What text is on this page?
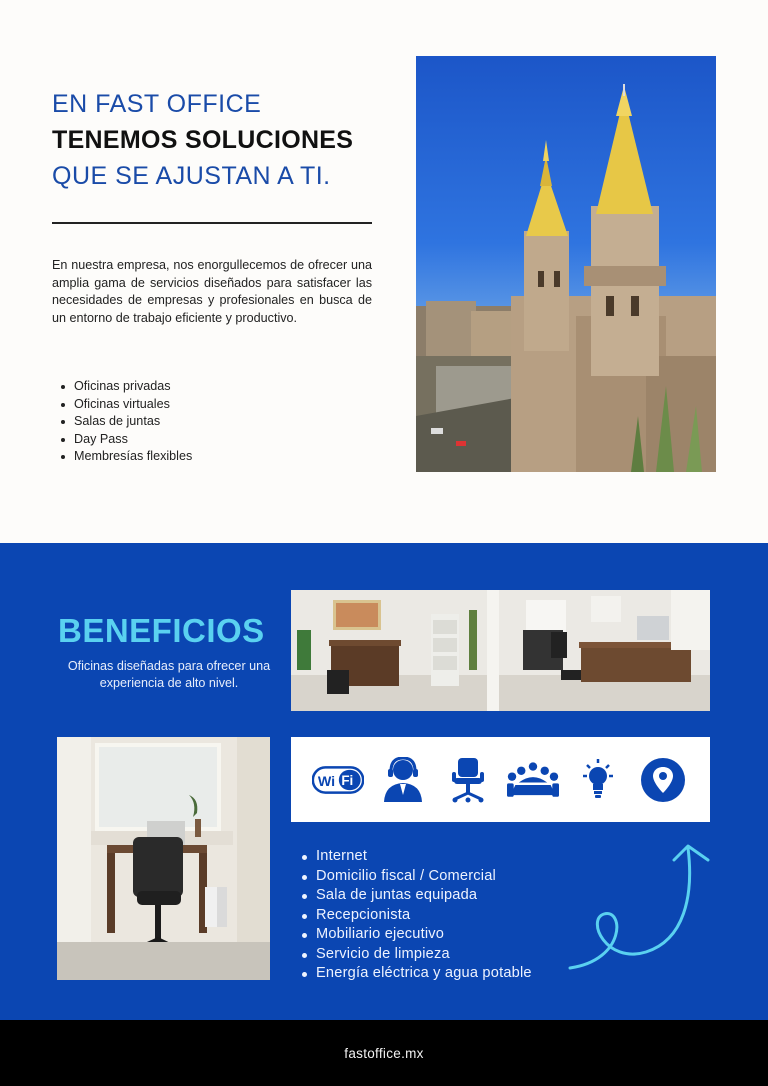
EN FAST OFFICE
TENEMOS SOLUCIONES
QUE SE AJUSTAN A TI.

En nuestra empresa, nos enorgullecemos de ofrecer una amplia gama de servicios diseñados para satisfacer las necesidades de empresas y profesionales en busca de un entorno de trabajo eficiente y productivo.

Oficinas privadas
Oficinas virtuales
Salas de juntas
Day Pass
Membresías flexibles
BENEFICIOS
Oficinas diseñadas para ofrecer una experiencia de alto nivel.
Wi Fi
Internet
Domicilio fiscal / Comercial
Sala de juntas equipada
Recepcionista
Mobiliario ejecutivo
Servicio de limpieza
Energía eléctrica y agua potable
fastoffice.mx
